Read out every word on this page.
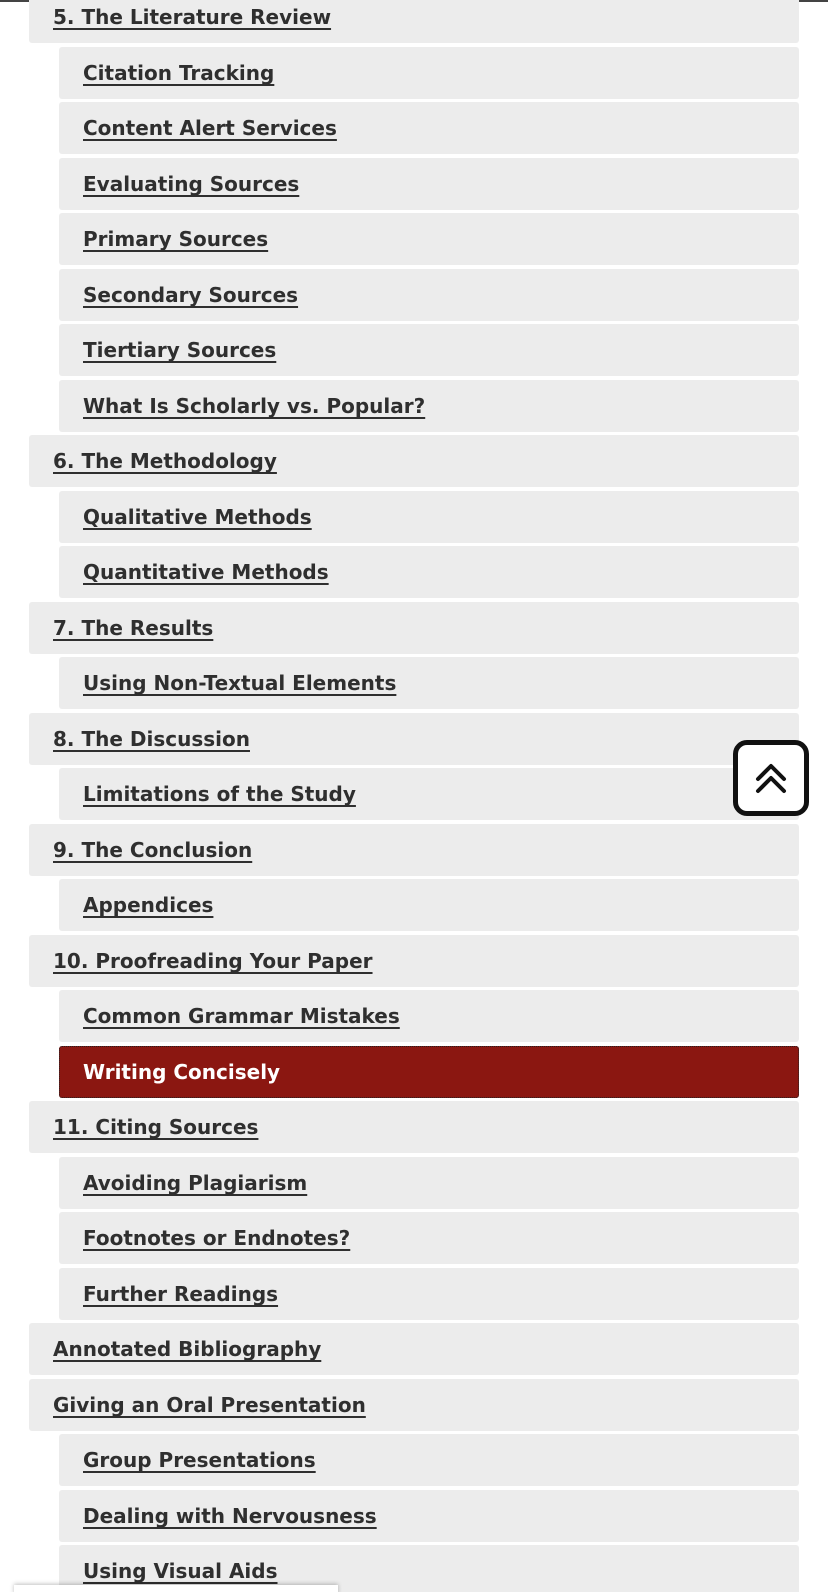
5. The Literature Review
Citation Tracking
Content Alert Services
Evaluating Sources
Primary Sources
Secondary Sources
Tiertiary Sources
What Is Scholarly vs. Popular?
6. The Methodology
Qualitative Methods
Quantitative Methods
7. The Results
Using Non-Textual Elements
8. The Discussion
Limitations of the Study
9. The Conclusion
Appendices
10. Proofreading Your Paper
Common Grammar Mistakes
Writing Concisely
11. Citing Sources
Avoiding Plagiarism
Footnotes or Endnotes?
Further Readings
Annotated Bibliography
Giving an Oral Presentation
Group Presentations
Dealing with Nervousness
Using Visual Aids
